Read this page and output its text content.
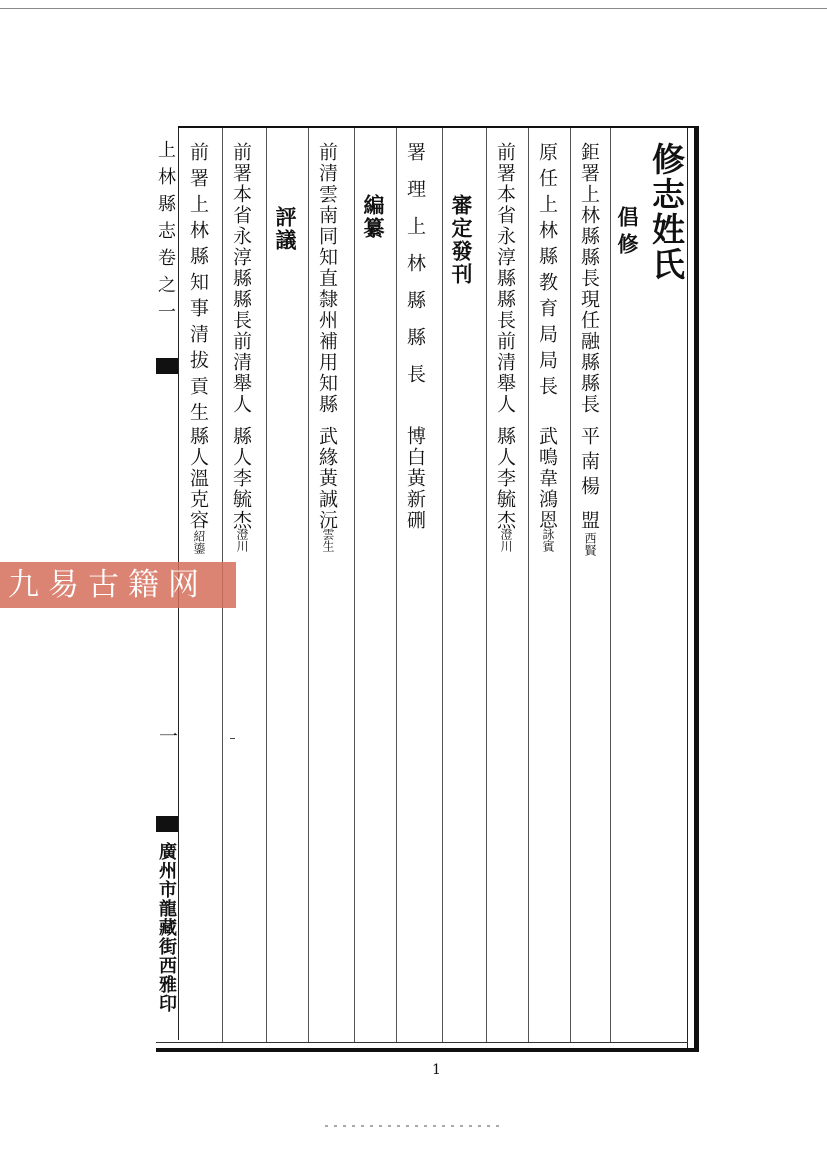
修志姓氏
倡修
鉅署上林縣縣長現任融縣縣長
平南楊
盟
西賢
原任上林縣教育局局長
武鳴韋鴻恩
詠賓
前署本省永淳縣縣長前清舉人
縣人李毓杰
澄川
審定發刊
署理上林縣縣長
博白黃新硎
編纂
前清雲南同知直隸州補用知縣
武緣黃誠沅
雲生
評議
前署本省永淳縣縣長前清舉人
縣人李毓杰
澄川
前署上林縣知事清拔貢生
縣人溫克容
紹鎏
上林縣志卷之一
一
廣州市龍藏街西雅印
九易古籍网
1
